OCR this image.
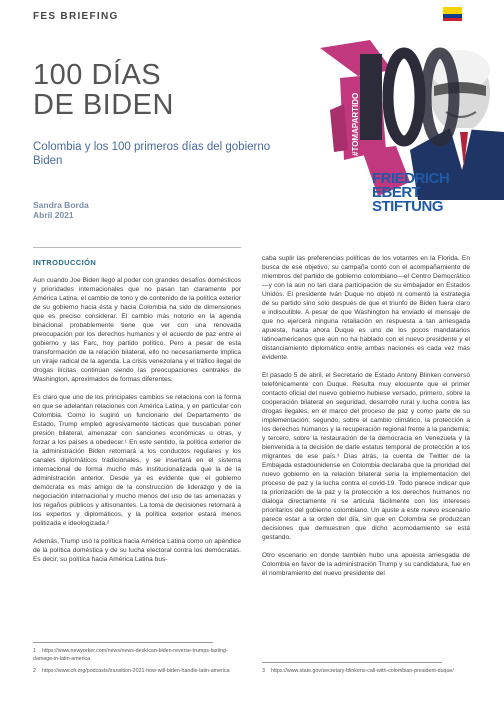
FES BRIEFING
100 DÍAS
DE BIDEN
Colombia y los 100 primeros días del gobierno Biden
Sandra Borda
Abril 2021
#TOMAPARTIDO
FRIEDRICH
EBERT
STIFTUNG
INTRODUCCIÓN

Aun cuando Joe Biden llegó al poder con grandes desafíos domésticos y prioridades internacionales que no pasan tan claramente por América Latina, el cambio de tono y de contenido de la política exterior de su gobierno hacia ésta y hacia Colombia ha sido de dimensiones que es preciso considerar. El cambio más notorio en la agenda binacional probablemente tiene que ver con una renovada preocupación por los derechos humanos y el acuerdo de paz entre el gobierno y las Farc, hoy partido político. Pero a pesar de esta transformación de la relación bilateral, ello no necesariamente implica un viraje radical de la agenda. La crisis venezolana y el tráfico ilegal de drogas ilícitas continúan siendo las preocupaciones centrales de Washington, aproximados de formas diferentes.

Es claro que uno de los principales cambios se relaciona con la forma en que se adelantan relaciones con América Latina, y en particular con Colombia. Como lo sugirió un funcionario del Departamento de Estado, Trump empleó agresivamente tácticas que buscaban poner presión bilateral, amenazar con sanciones económicas u otras, y forzar a los países a obedecer.¹ En este sentido, la política exterior de la administración Biden retornará a los conductos regulares y los canales diplomáticos tradicionales, y se insertará en el sistema internacional de forma mucho más institucionalizada que la de la administración anterior. Desde ya es evidente que el gobierno demócrata es más amigo de la construcción de liderazgo y de la negociación internacional y mucho menos del uso de las amenazas y los regaños públicos y altisonantes. La toma de decisiones retornará a los expertos y diplomáticos, y la política exterior estará menos politizada e ideologizada.²

Además, Trump usó la política hacia América Latina como un apéndice de la política doméstica y de su lucha electoral contra los demócratas. Es decir, su política hacia América Latina bus-

caba suplir las preferencias políticas de los votantes en la Florida. En busca de ese objetivo, su campaña contó con el acompañamiento de miembros del partido de gobierno colombiano—el Centro Democrático—y con la aún no tan clara participación de su embajador en Estados Unidos. El presidente Iván Duque no objetó ni comentó la estrategia de su partido sino sólo después de que el triunfo de Biden fuera claro e indiscutible. A pesar de que Washington ha enviado el mensaje de que no ejercerá ninguna retaliación en respuesta a tan arriesgada apuesta, hasta ahora Duque es uno de los pocos mandatarios latinoamericanos que aún no ha hablado con el nuevo presidente y el distanciamiento diplomático entre ambas naciones es cada vez más evidente.

El pasado 5 de abril, el Secretario de Estado Antony Blinken conversó telefónicamente con Duque. Resulta muy elocuente que el primer contacto oficial del nuevo gobierno hubiese versado, primero, sobre la cooperación bilateral en seguridad, desarrollo rural y lucha contra las drogas ilegales, en el marco del proceso de paz y como parte de su implementación; segundo, sobre el cambio climático, la protección a los derechos humanos y la recuperación regional frente a la pandemia; y tercero, sobre la restauración de la democracia en Venezuela y la bienvenida a la decisión de darle estatus temporal de protección a los migrantes de ese país.³ Días atrás, la cuenta de Twitter de la Embajada estadounidense en Colombia declaraba que la prioridad del nuevo gobierno en la relación bilateral sería la implementación del proceso de paz y la lucha contra el covid-19. Todo parece indicar que la priorización de la paz y la protección a los derechos humanos no dialoga directamente ni se articula fácilmente con los intereses prioritarios del gobierno colombiano. Un ajuste a este nuevo escenario parece estar a la orden del día, sin que en Colombia se produzcan decisiones que demuestren que dicho acomodamiento se está gestando.

Otro escenario en donde también hubo una apuesta arriesgada de Colombia en favor de la administración Trump y su candidatura, fue en el nombramiento del nuevo presidente del

1 https://www.newyorker.com/news/news-desk/can-biden-reverse-trumps-lasting-damage-in-latin-america
2 https://www.cfr.org/podcasts/transition-2021-how-will-biden-handle-latin-america	3 https://www.state.gov/secretary-blinkens-call-with-colombian-president-duque/
